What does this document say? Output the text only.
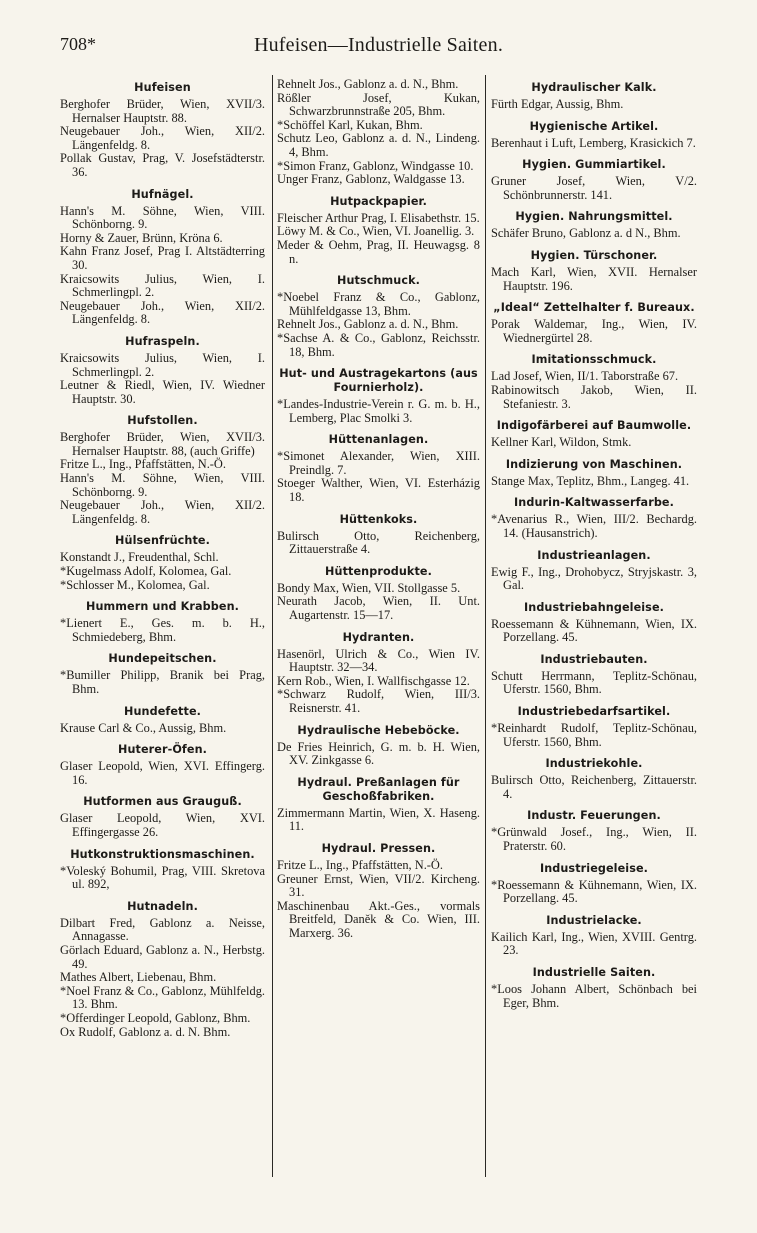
708*	Hufeisen—Industrielle Saiten.
Hufeisen
Berghofer Brüder, Wien, XVII/3. Hernalser Hauptstr. 88.
Neugebauer Joh., Wien, XII/2. Längenfeldg. 8.
Pollak Gustav, Prag, V. Josefstädterstr. 36.
Hufnägel.
Hann's M. Söhne, Wien, VIII. Schönborng. 9.
Horny & Zauer, Brünn, Kröna 6.
Kahn Franz Josef, Prag I. Altstädterring 30.
Kraicsowits Julius, Wien, I. Schmerlingpl. 2.
Neugebauer Joh., Wien, XII/2. Längenfeldg. 8.
Hufraspeln.
Kraicsowits Julius, Wien, I. Schmerlingpl. 2.
Leutner & Riedl, Wien, IV. Wiedner Hauptstr. 30.
Hufstollen.
Berghofer Brüder, Wien, XVII/3. Hernalser Hauptstr. 88, (auch Griffe)
Fritze L., Ing., Pfaffstätten, N.-Ö.
Hann's M. Söhne, Wien, VIII. Schönborng. 9.
Neugebauer Joh., Wien, XII/2. Längenfeldg. 8.
Hülsenfrüchte.
Konstandt J., Freudenthal, Schl.
*Kugelmass Adolf, Kolomea, Gal.
*Schlosser M., Kolomea, Gal.
Hummern und Krabben.
*Lienert E., Ges. m. b. H., Schmiedeberg, Bhm.
Hundepeitschen.
*Bumiller Philipp, Branik bei Prag, Bhm.
Hundefette.
Krause Carl & Co., Aussig, Bhm.
Huterer-Öfen.
Glaser Leopold, Wien, XVI. Effingerg. 16.
Hutformen aus Grauguß.
Glaser Leopold, Wien, XVI. Effingergasse 26.
Hutkonstruktionsmaschinen.
*Voleský Bohumil, Prag, VIII. Skretova ul. 892,
Hutnadeln.
Dilbart Fred, Gablonz a. Neisse, Annagasse.
Görlach Eduard, Gablonz a. N., Herbstg. 49.
Mathes Albert, Liebenau, Bhm.
*Noel Franz & Co., Gablonz, Mühlfeldg. 13. Bhm.
*Offerdinger Leopold, Gablonz, Bhm.
Ox Rudolf, Gablonz a. d. N. Bhm.
Rehnelt Jos., Gablonz a. d. N., Bhm.
Rößler Josef, Kukan, Schwarzbrunnstraße 205, Bhm.
*Schöffel Karl, Kukan, Bhm.
Schutz Leo, Gablonz a. d. N., Lindeng. 4, Bhm.
*Simon Franz, Gablonz, Windgasse 10.
Unger Franz, Gablonz, Waldgasse 13.
Hutpackpapier.
Fleischer Arthur Prag, I. Elisabethstr. 15.
Löwy M. & Co., Wien, VI. Joanellig. 3.
Meder & Oehm, Prag, II. Heuwagsg. 8 n.
Hutschmuck.
*Noebel Franz & Co., Gablonz, Mühlfeldgasse 13, Bhm.
Rehnelt Jos., Gablonz a. d. N., Bhm.
*Sachse A. & Co., Gablonz, Reichsstr. 18, Bhm.
Hut- und Austragekartons (aus Fournierholz).
*Landes-Industrie-Verein r. G. m. b. H., Lemberg, Plac Smolki 3.
Hüttenanlagen.
*Simonet Alexander, Wien, XIII. Preindlg. 7.
Stoeger Walther, Wien, VI. Esterházig 18.
Hüttenkoks.
Bulirsch Otto, Reichenberg, Zittauerstraße 4.
Hüttenprodukte.
Bondy Max, Wien, VII. Stollgasse 5.
Neurath Jacob, Wien, II. Unt. Augartenstr. 15—17.
Hydranten.
Hasenörl, Ulrich & Co., Wien IV. Hauptstr. 32—34.
Kern Rob., Wien, I. Wallfischgasse 12.
*Schwarz Rudolf, Wien, III/3. Reisnerstr. 41.
Hydraulische Hebeböcke.
De Fries Heinrich, G. m. b. H. Wien, XV. Zinkgasse 6.
Hydraul. Preßanlagen für Geschoßfabriken.
Zimmermann Martin, Wien, X. Haseng. 11.
Hydraul. Pressen.
Fritze L., Ing., Pfaffstätten, N.-Ö.
Greuner Ernst, Wien, VII/2. Kircheng. 31.
Maschinenbau Akt.-Ges., vormals Breitfeld, Daněk & Co. Wien, III. Marxerg. 36.
Hydraulischer Kalk.
Fürth Edgar, Aussig, Bhm.
Hygienische Artikel.
Berenhaut i Luft, Lemberg, Krasickich 7.
Hygien. Gummiartikel.
Gruner Josef, Wien, V/2. Schönbrunnerstr. 141.
Hygien. Nahrungsmittel.
Schäfer Bruno, Gablonz a. d N., Bhm.
Hygien. Türschoner.
Mach Karl, Wien, XVII. Hernalser Hauptstr. 196.
„Ideal“ Zettelhalter f. Bureaux.
Porak Waldemar, Ing., Wien, IV. Wiednergürtel 28.
Imitationsschmuck.
Lad Josef, Wien, II/1. Taborstraße 67.
Rabinowitsch Jakob, Wien, II. Stefaniestr. 3.
Indigofärberei auf Baumwolle.
Kellner Karl, Wildon, Stmk.
Indizierung von Maschinen.
Stange Max, Teplitz, Bhm., Langeg. 41.
Indurin-Kaltwasserfarbe.
*Avenarius R., Wien, III/2. Bechardg. 14. (Hausanstrich).
Industrieanlagen.
Ewig F., Ing., Drohobycz, Stryjskastr. 3, Gal.
Industriebahngeleise.
Roessemann & Kühnemann, Wien, IX. Porzellang. 45.
Industriebauten.
Schutt Herrmann, Teplitz-Schönau, Uferstr. 1560, Bhm.
Industriebedarfsartikel.
*Reinhardt Rudolf, Teplitz-Schönau, Uferstr. 1560, Bhm.
Industriekohle.
Bulirsch Otto, Reichenberg, Zittauerstr. 4.
Industr. Feuerungen.
*Grünwald Josef., Ing., Wien, II. Praterstr. 60.
Industriegeleise.
*Roessemann & Kühnemann, Wien, IX. Porzellang. 45.
Industrielacke.
Kailich Karl, Ing., Wien, XVIII. Gentrg. 23.
Industrielle Saiten.
*Loos Johann Albert, Schönbach bei Eger, Bhm.
